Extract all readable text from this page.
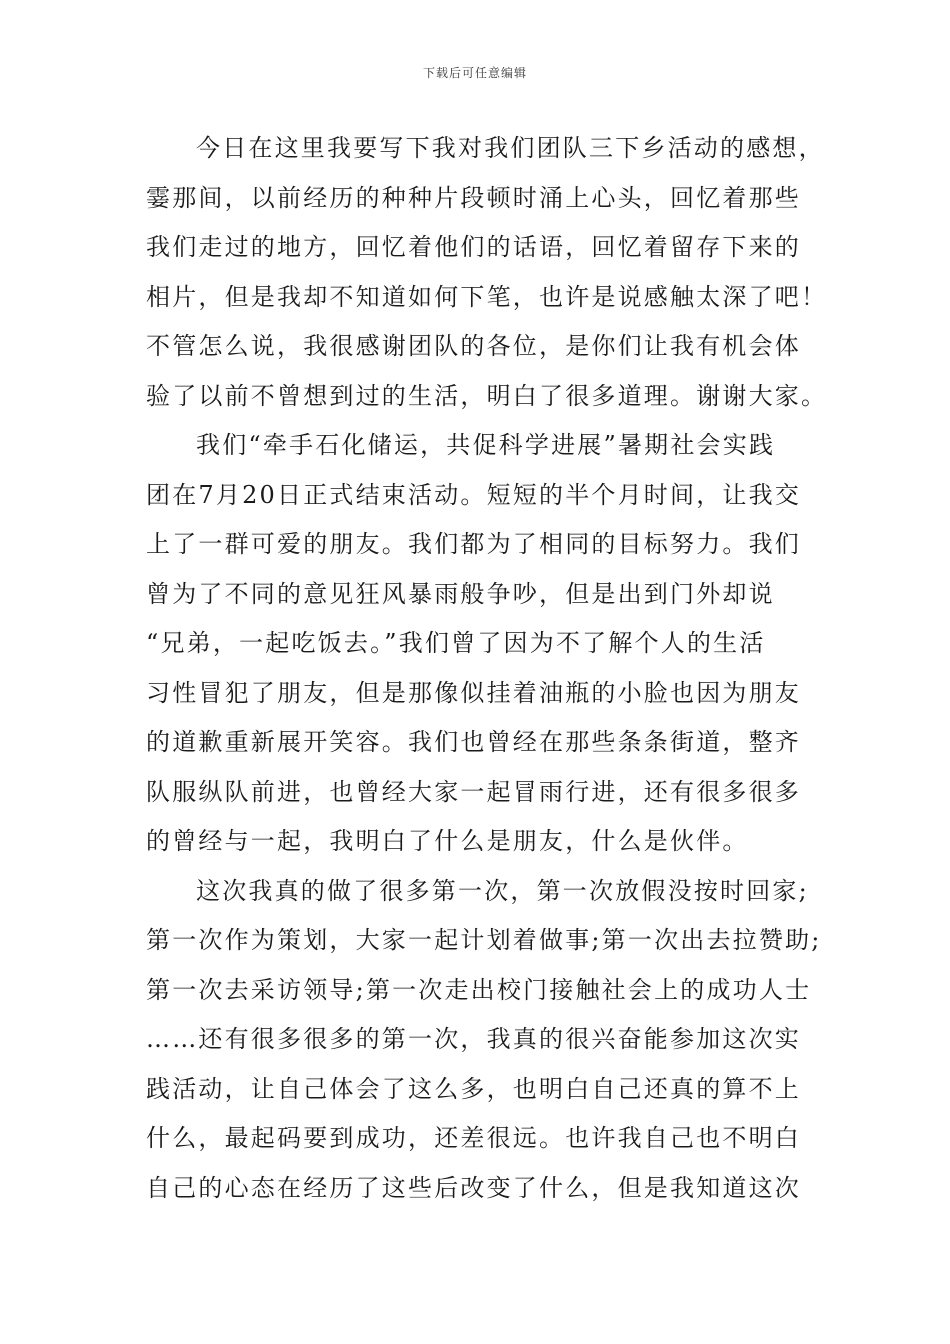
下载后可任意编辑
今日在这里我要写下我对我们团队三下乡活动的感想，
霎那间，以前经历的种种片段顿时涌上心头，回忆着那些
我们走过的地方，回忆着他们的话语，回忆着留存下来的
相片，但是我却不知道如何下笔，也许是说感触太深了吧！
不管怎么说，我很感谢团队的各位，是你们让我有机会体
验了以前不曾想到过的生活，明白了很多道理。谢谢大家。
我们“牵手石化储运，共促科学进展”暑期社会实践
团在7月20日正式结束活动。短短的半个月时间，让我交
上了一群可爱的朋友。我们都为了相同的目标努力。我们
曾为了不同的意见狂风暴雨般争吵，但是出到门外却说
“兄弟，一起吃饭去。”我们曾了因为不了解个人的生活
习性冒犯了朋友，但是那像似挂着油瓶的小脸也因为朋友
的道歉重新展开笑容。我们也曾经在那些条条街道，整齐
队服纵队前进，也曾经大家一起冒雨行进，还有很多很多
的曾经与一起，我明白了什么是朋友，什么是伙伴。
这次我真的做了很多第一次，第一次放假没按时回家;
第一次作为策划，大家一起计划着做事;第一次出去拉赞助;
第一次去采访领导;第一次走出校门接触社会上的成功人士
……还有很多很多的第一次，我真的很兴奋能参加这次实
践活动，让自己体会了这么多，也明白自己还真的算不上
什么，最起码要到成功，还差很远。也许我自己也不明白
自己的心态在经历了这些后改变了什么，但是我知道这次
